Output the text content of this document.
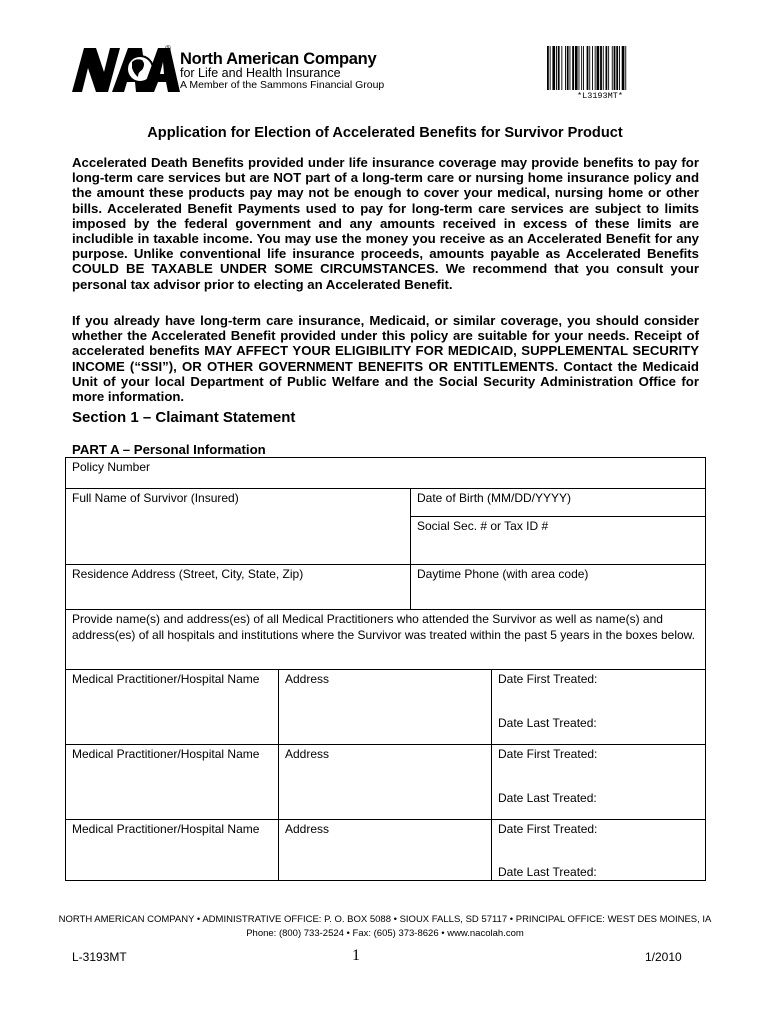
®
North American Company
for Life and Health Insurance
A Member of the Sammons Financial Group
*L3193MT*
Application for Election of Accelerated Benefits for Survivor Product

Accelerated Death Benefits provided under life insurance coverage may provide benefits to pay for long-term care services but are NOT part of a long-term care or nursing home insurance policy and the amount these products pay may not be enough to cover your medical, nursing home or other bills. Accelerated Benefit Payments used to pay for long-term care services are subject to limits imposed by the federal government and any amounts received in excess of these limits are includible in taxable income. You may use the money you receive as an Accelerated Benefit for any purpose. Unlike conventional life insurance proceeds, amounts payable as Accelerated Benefits COULD BE TAXABLE UNDER SOME CIRCUMSTANCES. We recommend that you consult your personal tax advisor prior to electing an Accelerated Benefit.

If you already have long-term care insurance, Medicaid, or similar coverage, you should consider whether the Accelerated Benefit provided under this policy are suitable for your needs. Receipt of accelerated benefits MAY AFFECT YOUR ELIGIBILITY FOR MEDICAID, SUPPLEMENTAL SECURITY INCOME (“SSI”), OR OTHER GOVERNMENT BENEFITS OR ENTITLEMENTS. Contact the Medicaid Unit of your local Department of Public Welfare and the Social Security Administration Office for more information.

Section 1 – Claimant Statement
PART A – Personal Information
Policy Number
Full Name of Survivor (Insured)	Date of Birth (MM/DD/YYYY)
Social Sec. # or Tax ID #
Residence Address (Street, City, State, Zip)	Daytime Phone (with area code)
Provide name(s) and address(es) of all Medical Practitioners who attended the Survivor as well as name(s) and address(es) of all hospitals and institutions where the Survivor was treated within the past 5 years in the boxes below.
Medical Practitioner/Hospital Name	Address	Date First Treated:
Date Last Treated:
Medical Practitioner/Hospital Name	Address	Date First Treated:
Date Last Treated:
Medical Practitioner/Hospital Name	Address	Date First Treated:
Date Last Treated:
NORTH AMERICAN COMPANY • ADMINISTRATIVE OFFICE: P. O. BOX 5088 • SIOUX FALLS, SD 57117 • PRINCIPAL OFFICE: WEST DES MOINES, IA
Phone: (800) 733-2524 • Fax: (605) 373-8626 • www.nacolah.com
L-3193MT	1	1/2010
